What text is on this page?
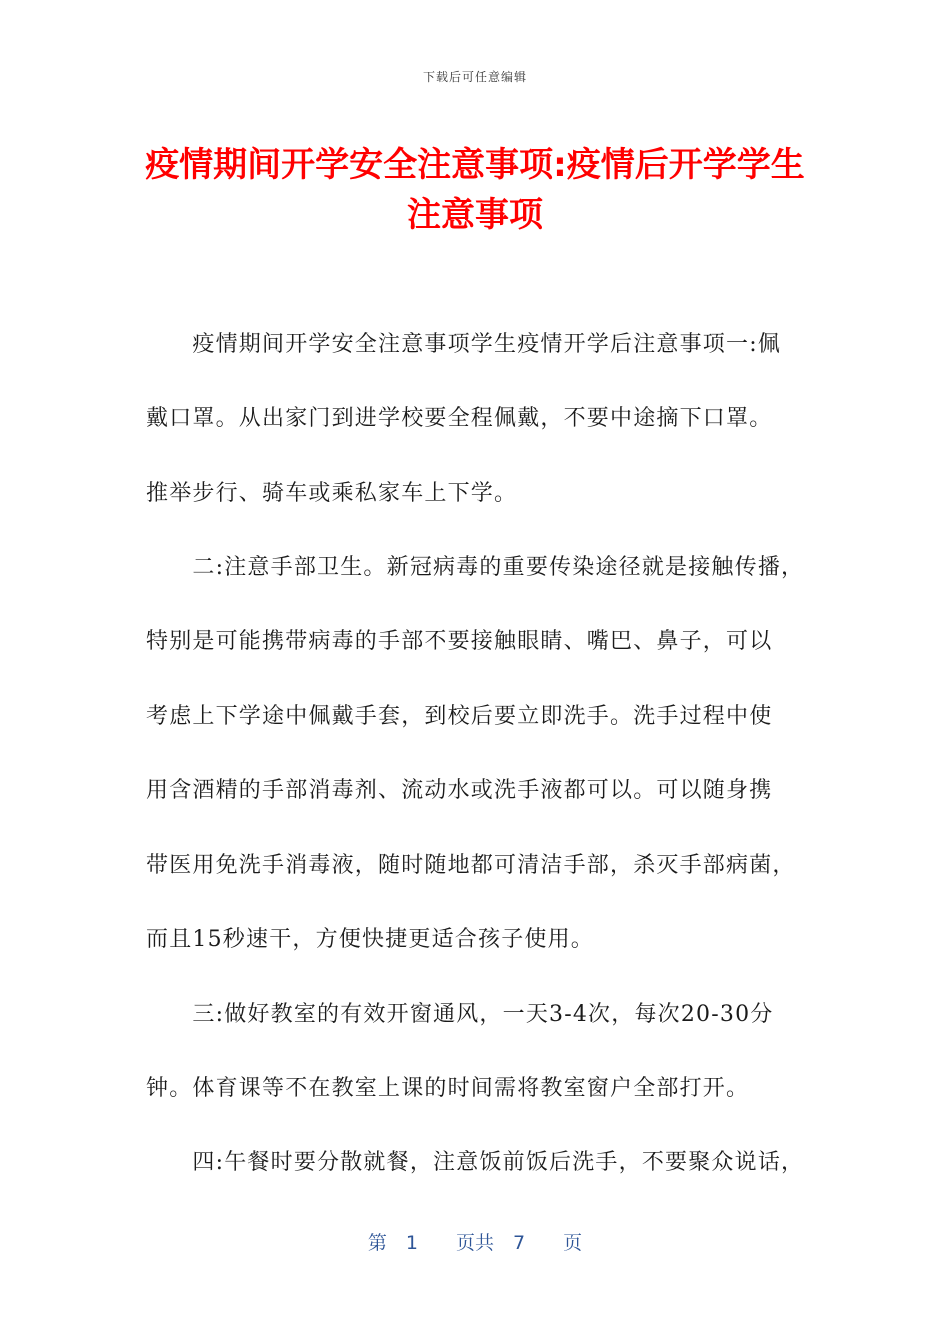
下载后可任意编辑
疫情期间开学安全注意事项:疫情后开学学生
注意事项

　　疫情期间开学安全注意事项学生疫情开学后注意事项一:佩

戴口罩。从出家门到进学校要全程佩戴，不要中途摘下口罩。

推举步行、骑车或乘私家车上下学。

　　二:注意手部卫生。新冠病毒的重要传染途径就是接触传播，

特别是可能携带病毒的手部不要接触眼睛、嘴巴、鼻子，可以

考虑上下学途中佩戴手套，到校后要立即洗手。洗手过程中使

用含酒精的手部消毒剂、流动水或洗手液都可以。可以随身携

带医用免洗手消毒液，随时随地都可清洁手部，杀灭手部病菌，

而且15秒速干，方便快捷更适合孩子使用。

　　三:做好教室的有效开窗通风，一天3-4次，每次20-30分

钟。体育课等不在教室上课的时间需将教室窗户全部打开。

　　四:午餐时要分散就餐，注意饭前饭后洗手，不要聚众说话，

第　1　　页共　7　　页
